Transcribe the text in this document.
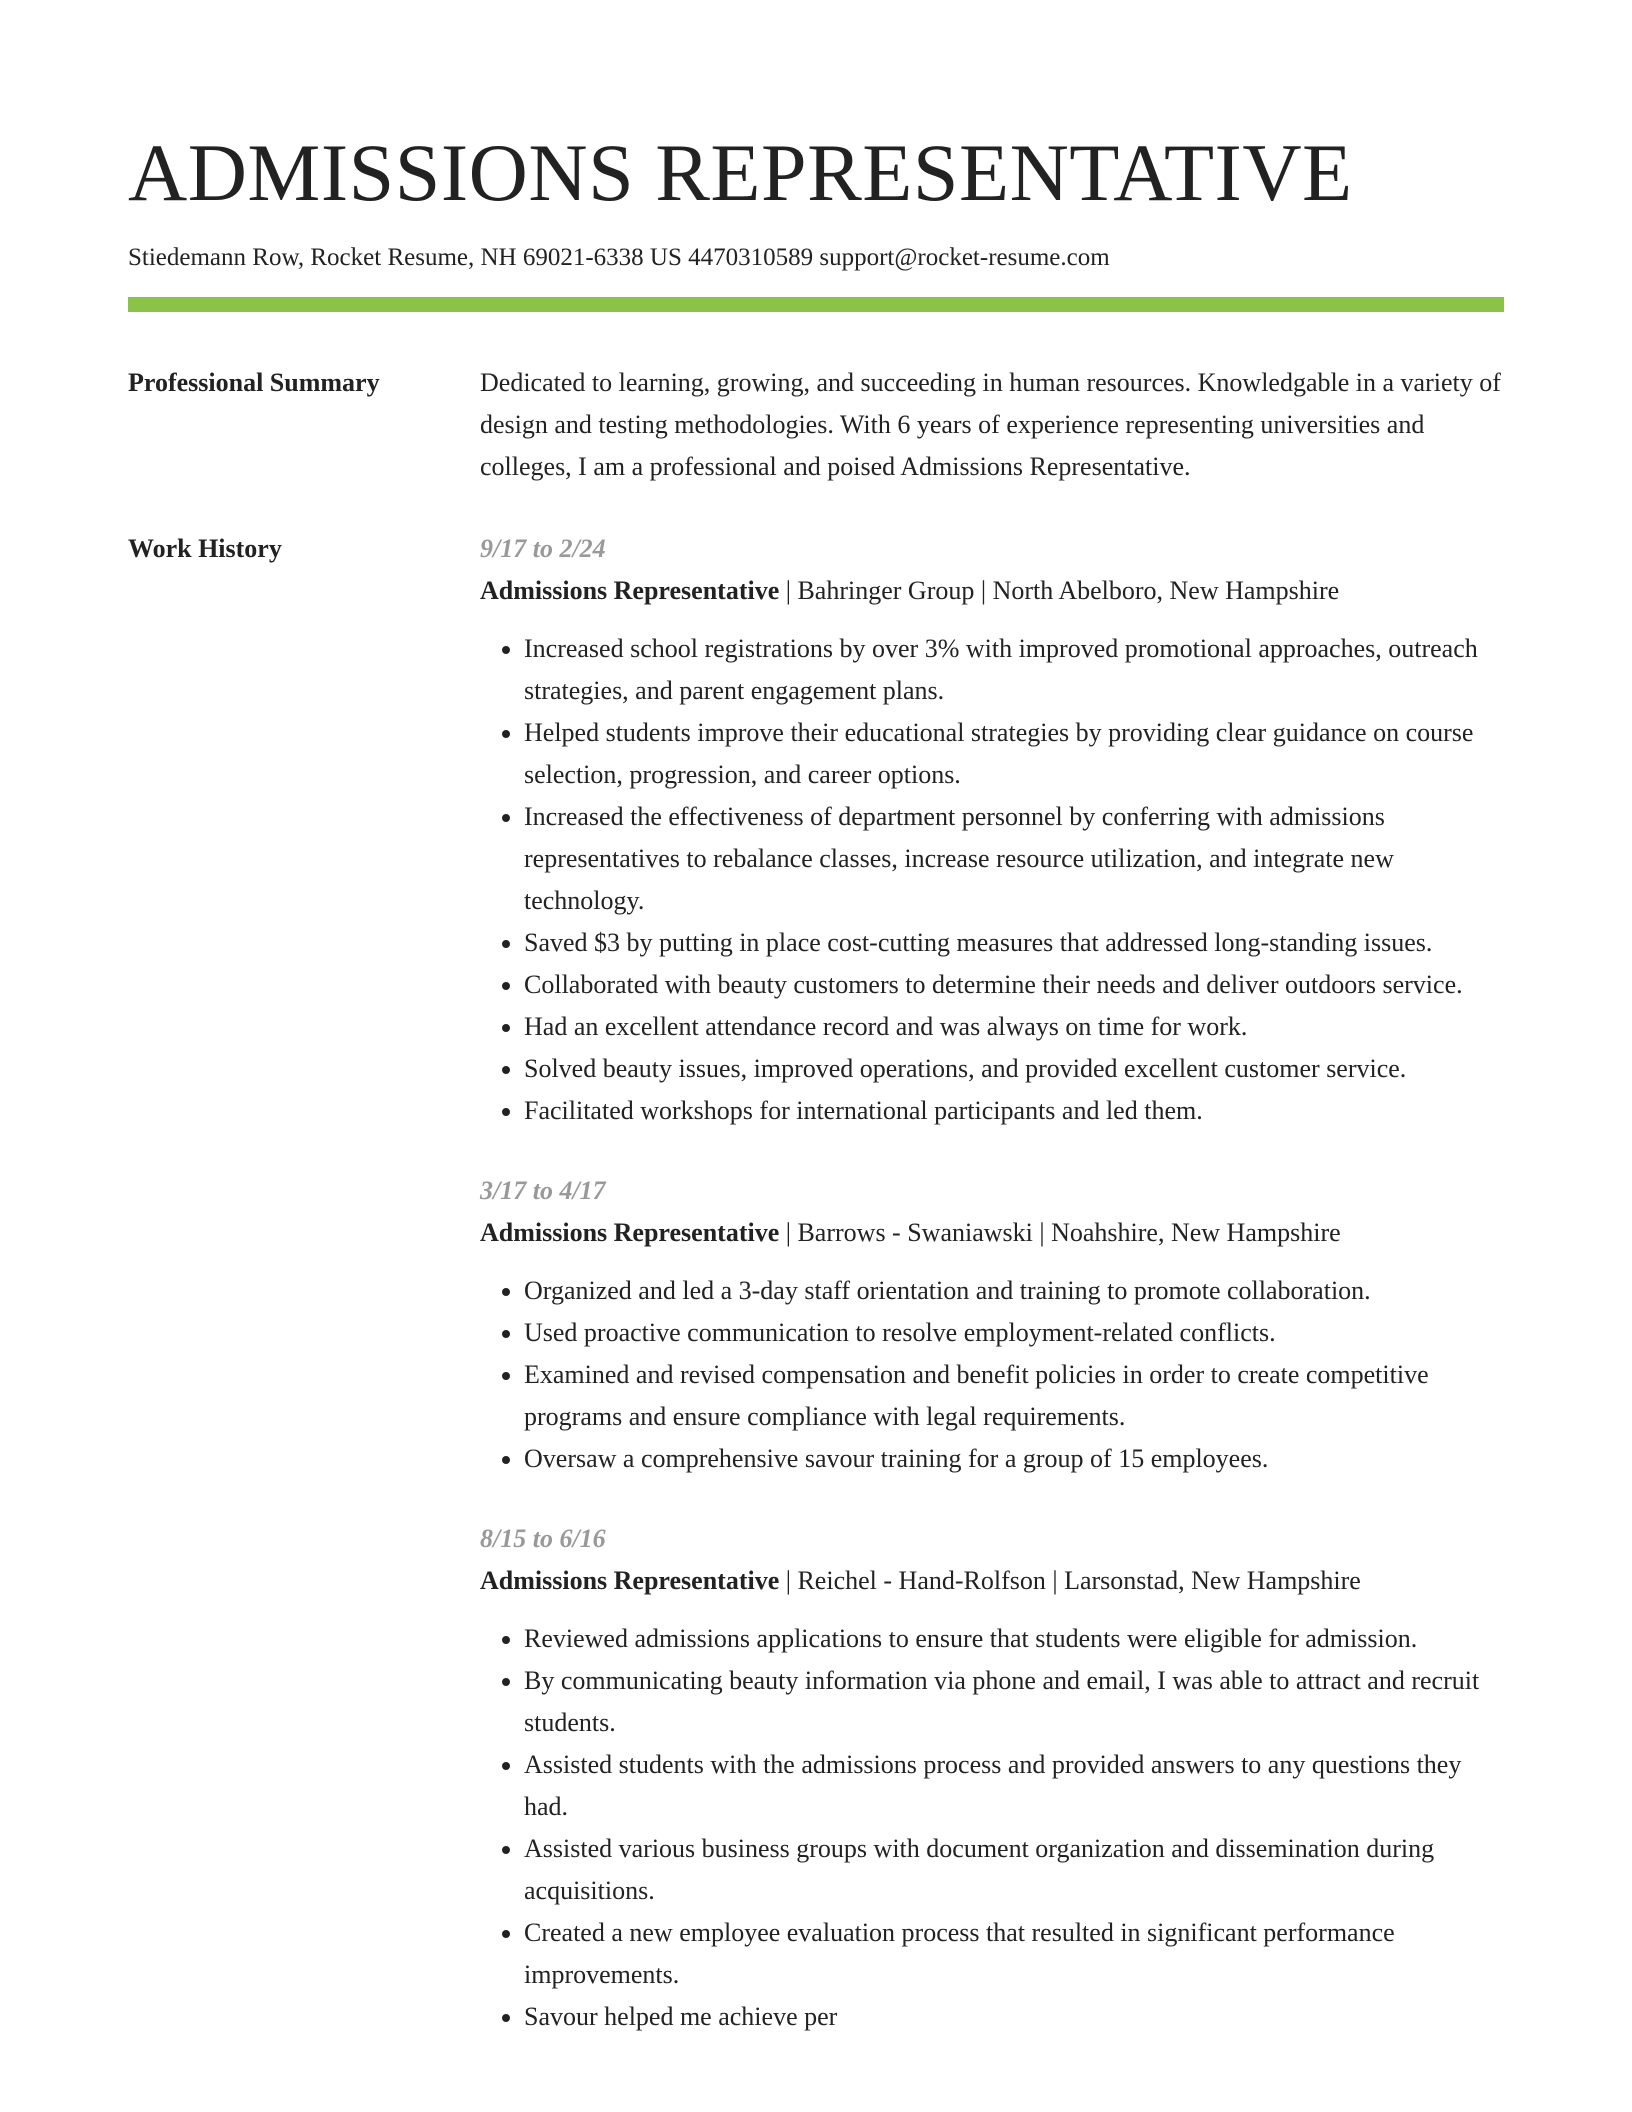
ADMISSIONS REPRESENTATIVE
Stiedemann Row, Rocket Resume, NH 69021-6338 US 4470310589 support@rocket-resume.com
Professional Summary	Dedicated to learning, growing, and succeeding in human resources. Knowledgable in a variety of design and testing methodologies. With 6 years of experience representing universities and colleges, I am a professional and poised Admissions Representative.

Work History	9/17 to 2/24
Admissions Representative | Bahringer Group | North Abelboro, New Hampshire
• Increased school registrations by over 3% with improved promotional approaches, outreach strategies, and parent engagement plans.
• Helped students improve their educational strategies by providing clear guidance on course selection, progression, and career options.
• Increased the effectiveness of department personnel by conferring with admissions representatives to rebalance classes, increase resource utilization, and integrate new technology.
• Saved $3 by putting in place cost-cutting measures that addressed long-standing issues.
• Collaborated with beauty customers to determine their needs and deliver outdoors service.
• Had an excellent attendance record and was always on time for work.
• Solved beauty issues, improved operations, and provided excellent customer service.
• Facilitated workshops for international participants and led them.
3/17 to 4/17
Admissions Representative | Barrows - Swaniawski | Noahshire, New Hampshire
• Organized and led a 3-day staff orientation and training to promote collaboration.
• Used proactive communication to resolve employment-related conflicts.
• Examined and revised compensation and benefit policies in order to create competitive programs and ensure compliance with legal requirements.
• Oversaw a comprehensive savour training for a group of 15 employees.
8/15 to 6/16
Admissions Representative | Reichel - Hand-Rolfson | Larsonstad, New Hampshire
• Reviewed admissions applications to ensure that students were eligible for admission.
• By communicating beauty information via phone and email, I was able to attract and recruit students.
• Assisted students with the admissions process and provided answers to any questions they had.
• Assisted various business groups with document organization and dissemination during acquisitions.
• Created a new employee evaluation process that resulted in significant performance improvements.
• Savour helped me achieve per
